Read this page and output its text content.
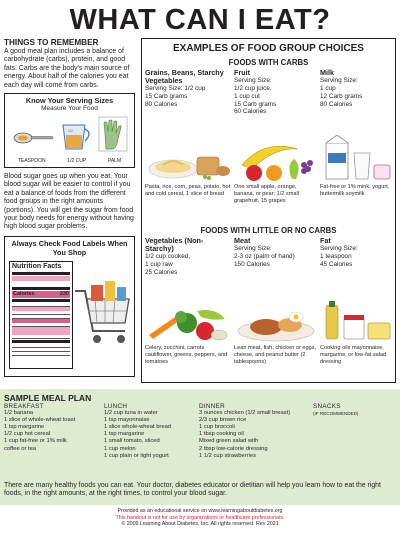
WHAT CAN I EAT?
THINGS TO REMEMBER
A good meal plan includes a balance of carbohydrate (carbs), protein, and good fats. Carbs are the body's main source of energy. About half of the calories you eat each day will come from carbs.
Know Your Serving Sizes
Measure Your Food
1/2
TEASPOON	1/2 CUP	PALM
Blood sugar goes up when you eat. Your blood sugar will be easier to control if you eat a balance of foods from the different food groups in the right amounts (portions). You will get the sugar from food your body needs for energy without having high blood sugar problems.
Always Check Food Labels When You Shop
Nutrition Facts
Calories	230
EXAMPLES OF FOOD GROUP CHOICES
FOODS WITH CARBS
Grains, Beans, Starchy Vegetables
Serving Size: 1/2 cup
15 Carb grams
80 Calories
Fruit
Serving Size:
1/2 cup juice,
1 cup cut
15 Carb grams
60 Calories
Milk
Serving Size:
1 cup
12 Carb grams
80 Calories
Pasta, rice, corn, peas, potato, hot and cold cereal, 1 slice of bread
One small apple, orange, banana, or pear; 1/2 small grapefruit, 15 grapes
Fat-free or 1% mink, yogurt, buttermilk soymilk
FOODS WITH LITTLE OR NO CARBS
Vegetables (Non-Starchy)
1/2 cup cooked,
1 cup raw
25 Calories
Meat
Serving Size:
2-3 oz (palm of hand)
150 Calories
Fat
Serving Size:
1 teaspoon
45 Calories
Celery, zucchini, carrots cauliflower, greens, peppers, and tomatoes
Lean meat, fish, chicken or eggs, cheese, and peanut butter (2 tablespoons)
Cooking oils mayonnaise, margarine, or low-fat salad dressing
SAMPLE MEAL PLAN
BREAKFAST
1/2 banana
1 slice of whole-wheat toast
1 tsp margarine
1/2 cup hot cereal
1 cup fat-free or 1% milk
coffee or tea
LUNCH
1/2 cup tuna in water
1 tsp mayonnaise
1 slice whole-wheat bread
1 tsp margarine
1 small tomato, sliced
1 cup melon
1 cup plain or light yogurt
DINNER
3 ounces chicken (1/2 small breast)
2/3 cup brown rice
1 cup broccoli
1 tbsp cooking oil
Mixed green salad with
2 tbsp low-calorie dressing
1 1/2 cup strawberries
SNACKS
(IF RECOMMENDED)
There are many healthy foods you can eat. Your doctor, diabetes educator or dietitian will help you learn how to eat the right foods, in the right amounts, at the right times, to control your blood sugar.
Provided as an educational service on www.learningaboutdiabetes.org
This handout is not for use by organizations or healthcare professionals.
© 2009 Learning About Diabetes, Inc. All rights reserved. Rev 2021
